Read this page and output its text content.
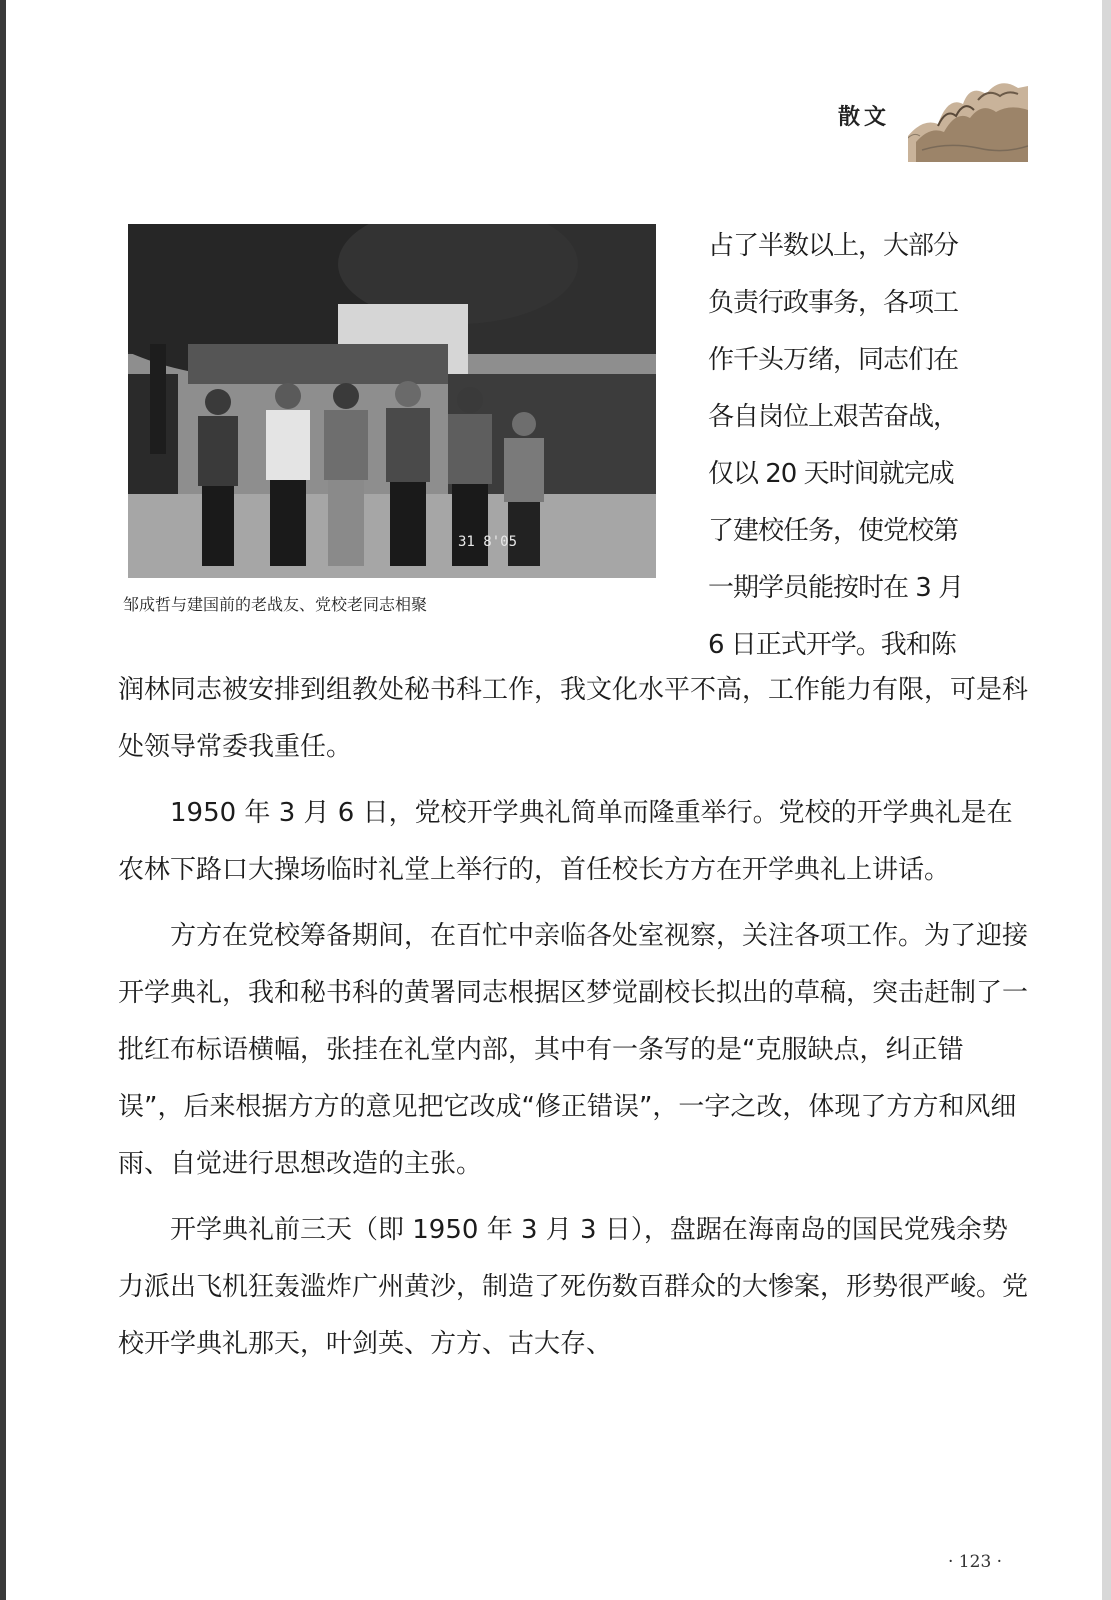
散文
31 8'05
邹成哲与建国前的老战友、党校老同志相聚

占了半数以上，大部分

负责行政事务，各项工

作千头万绪，同志们在

各自岗位上艰苦奋战，

仅以 20 天时间就完成

了建校任务，使党校第

一期学员能按时在 3 月

6 日正式开学。我和陈

润林同志被安排到组教处秘书科工作，我文化水平不高，工作能力有限，可是科处领导常委我重任。

1950 年 3 月 6 日，党校开学典礼简单而隆重举行。党校的开学典礼是在农林下路口大操场临时礼堂上举行的，首任校长方方在开学典礼上讲话。

方方在党校筹备期间，在百忙中亲临各处室视察，关注各项工作。为了迎接开学典礼，我和秘书科的黄署同志根据区梦觉副校长拟出的草稿，突击赶制了一批红布标语横幅，张挂在礼堂内部，其中有一条写的是“克服缺点，纠正错误”，后来根据方方的意见把它改成“修正错误”，一字之改，体现了方方和风细雨、自觉进行思想改造的主张。

开学典礼前三天（即 1950 年 3 月 3 日），盘踞在海南岛的国民党残余势力派出飞机狂轰滥炸广州黄沙，制造了死伤数百群众的大惨案，形势很严峻。党校开学典礼那天，叶剑英、方方、古大存、

· 123 ·
